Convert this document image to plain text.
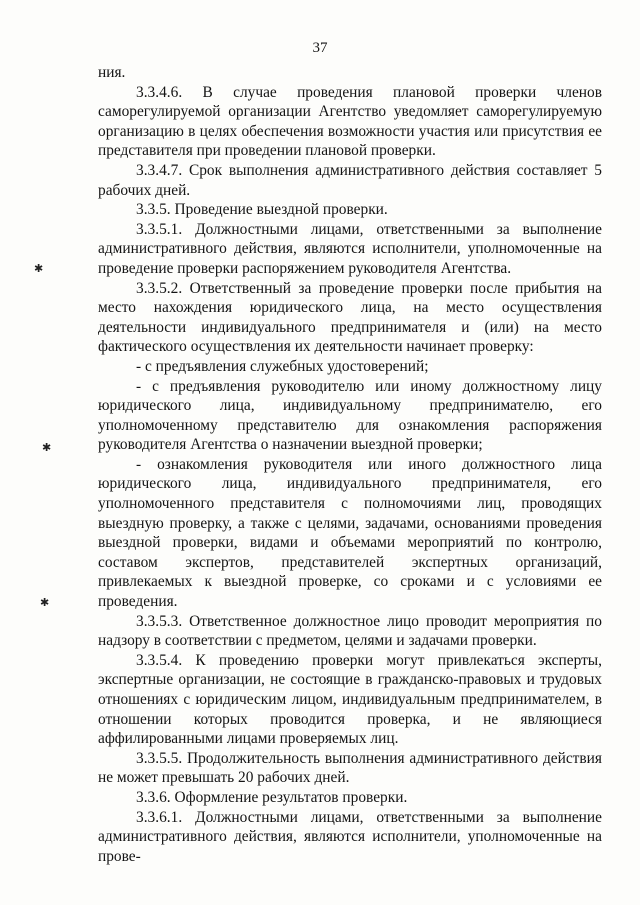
37

ния.

3.3.4.6. В случае проведения плановой проверки членов саморегулируемой организации Агентство уведомляет саморегулируемую организацию в целях обеспечения возможности участия или присутствия ее представителя при проведении плановой проверки.

3.3.4.7. Срок выполнения административного действия составляет 5 рабочих дней.

3.3.5. Проведение выездной проверки.

3.3.5.1. Должностными лицами, ответственными за выполнение административного действия, являются исполнители, уполномоченные на проведение проверки распоряжением руководителя Агентства.

3.3.5.2. Ответственный за проведение проверки после прибытия на место нахождения юридического лица, на место осуществления деятельности индивидуального предпринимателя и (или) на место фактического осуществления их деятельности начинает проверку:

- с предъявления служебных удостоверений;

- с предъявления руководителю или иному должностному лицу юридического лица, индивидуальному предпринимателю, его уполномоченному представителю для ознакомления распоряжения руководителя Агентства о назначении выездной проверки;

- ознакомления руководителя или иного должностного лица юридического лица, индивидуального предпринимателя, его уполномоченного представителя с полномочиями лиц, проводящих выездную проверку, а также с целями, задачами, основаниями проведения выездной проверки, видами и объемами мероприятий по контролю, составом экспертов, представителей экспертных организаций, привлекаемых к выездной проверке, со сроками и с условиями ее проведения.

3.3.5.3. Ответственное должностное лицо проводит мероприятия по надзору в соответствии с предметом, целями и задачами проверки.

3.3.5.4. К проведению проверки могут привлекаться эксперты, экспертные организации, не состоящие в гражданско-правовых и трудовых отношениях с юридическим лицом, индивидуальным предпринимателем, в отношении которых проводится проверка, и не являющиеся аффилированными лицами проверяемых лиц.

3.3.5.5. Продолжительность выполнения административного действия не может превышать 20 рабочих дней.

3.3.6. Оформление результатов проверки.

3.3.6.1. Должностными лицами, ответственными за выполнение административного действия, являются исполнители, уполномоченные на прове-

✱
✱
✱
